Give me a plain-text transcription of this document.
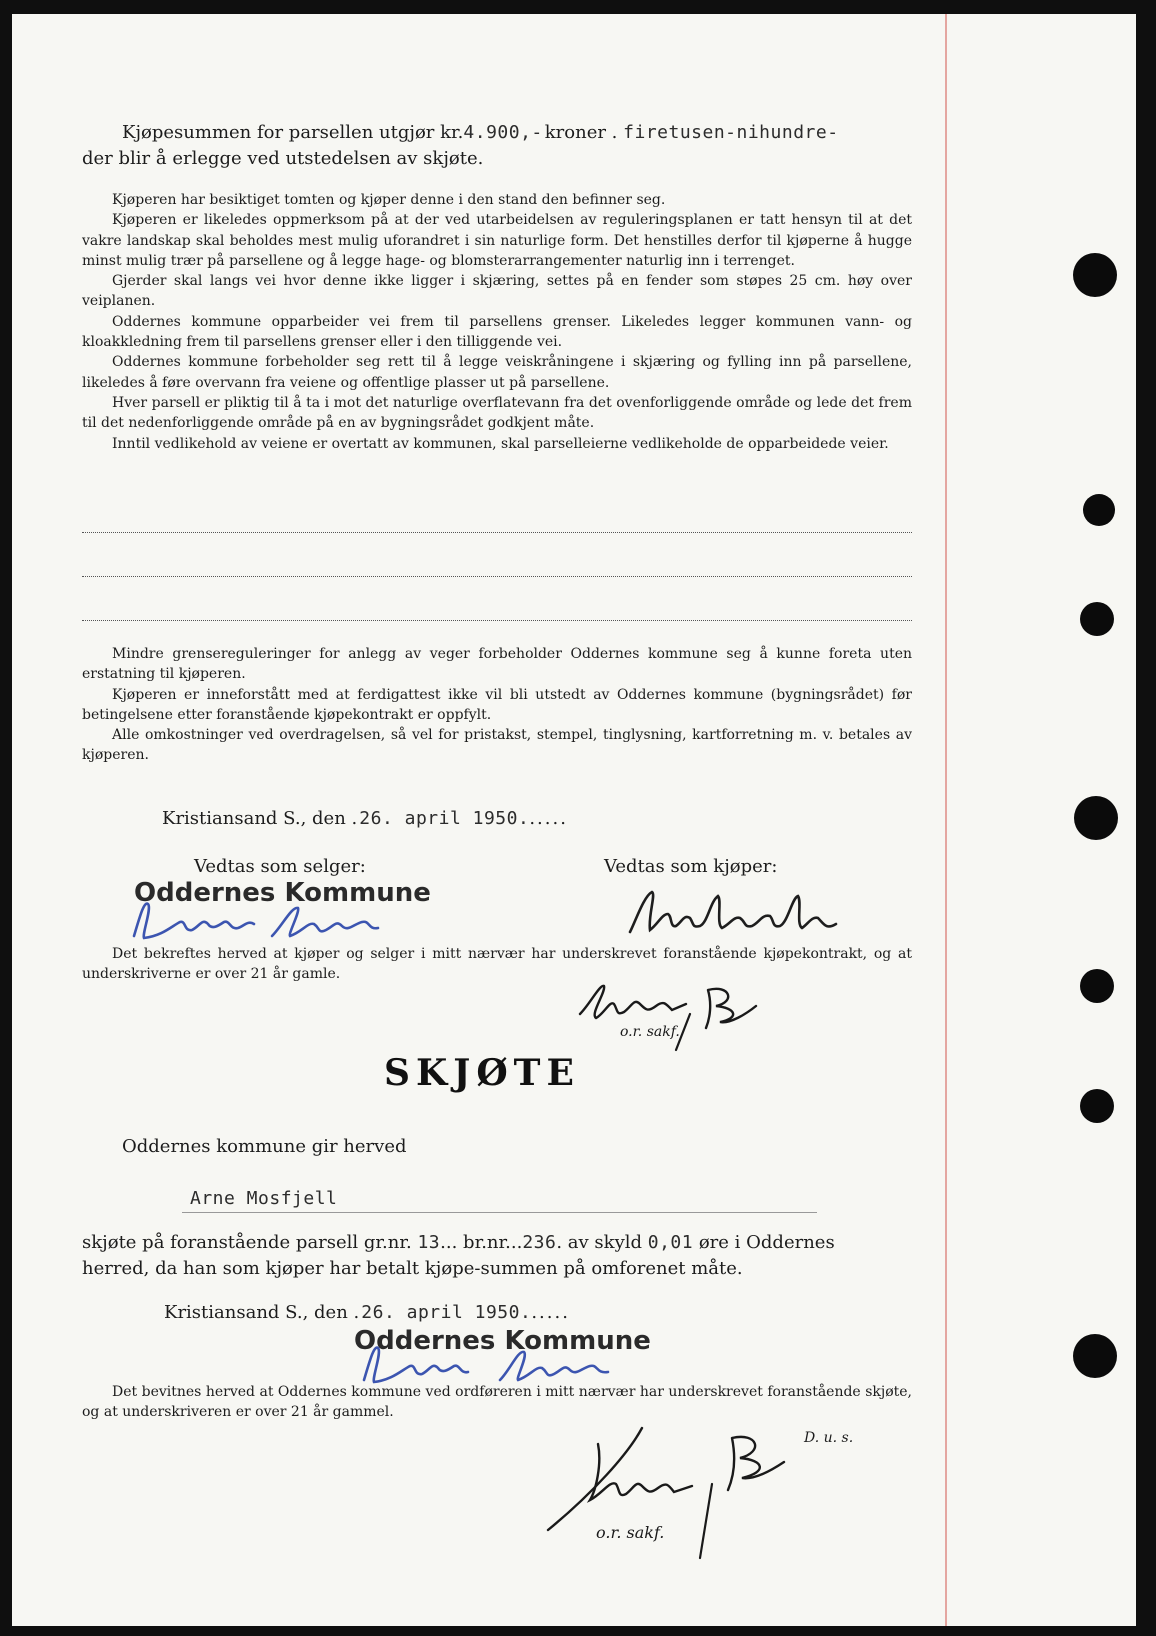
Kjøpesummen for parsellen utgjør kr.4.900,- kroner . firetusen-nihundre-

der blir å erlegge ved utstedelsen av skjøte.

Kjøperen har besiktiget tomten og kjøper denne i den stand den befinner seg.

Kjøperen er likeledes oppmerksom på at der ved utarbeidelsen av reguleringsplanen er tatt hensyn til at det vakre landskap skal beholdes mest mulig uforandret i sin naturlige form. Det henstilles derfor til kjøperne å hugge minst mulig trær på parsellene og å legge hage- og blomsterarrangementer naturlig inn i terrenget.

Gjerder skal langs vei hvor denne ikke ligger i skjæring, settes på en fender som støpes 25 cm. høy over veiplanen.

Oddernes kommune opparbeider vei frem til parsellens grenser. Likeledes legger kommunen vann- og kloakkledning frem til parsellens grenser eller i den tilliggende vei.

Oddernes kommune forbeholder seg rett til å legge veiskråningene i skjæring og fylling inn på parsellene, likeledes å føre overvann fra veiene og offentlige plasser ut på parsellene.

Hver parsell er pliktig til å ta i mot det naturlige overflatevann fra det ovenforliggende område og lede det frem til det nedenforliggende område på en av bygningsrådet godkjent måte.

Inntil vedlikehold av veiene er overtatt av kommunen, skal parselleierne vedlikeholde de opparbeidede veier.

Mindre grensereguleringer for anlegg av veger forbeholder Oddernes kommune seg å kunne foreta uten erstatning til kjøperen.

Kjøperen er inneforstått med at ferdigattest ikke vil bli utstedt av Oddernes kommune (bygningsrådet) før betingelsene etter foranstående kjøpekontrakt er oppfylt.

Alle omkostninger ved overdragelsen, så vel for pristakst, stempel, tinglysning, kartforretning m. v. betales av kjøperen.

Kristiansand S., den .26. april 1950......

Vedtas som selger:	Vedtas som kjøper:

Oddernes Kommune
Det bekreftes herved at kjøper og selger i mitt nærvær har underskrevet foranstående kjøpekontrakt, og at underskriverne er over 21 år gamle.
o.r. sakf.
SKJØTE

Oddernes kommune gir herved

Arne Mosfjell

skjøte på foranstående parsell gr.nr. 13... br.nr...236. av skyld 0,01 øre i Oddernes

herred, da han som kjøper har betalt kjøpe-summen på omforenet måte.

Kristiansand S., den .26. april 1950......

Oddernes Kommune
Det bevitnes herved at Oddernes kommune ved ordføreren i mitt nærvær har underskrevet foranstående skjøte, og at underskriveren er over 21 år gammel.

D. u. s.

o.r. sakf.
